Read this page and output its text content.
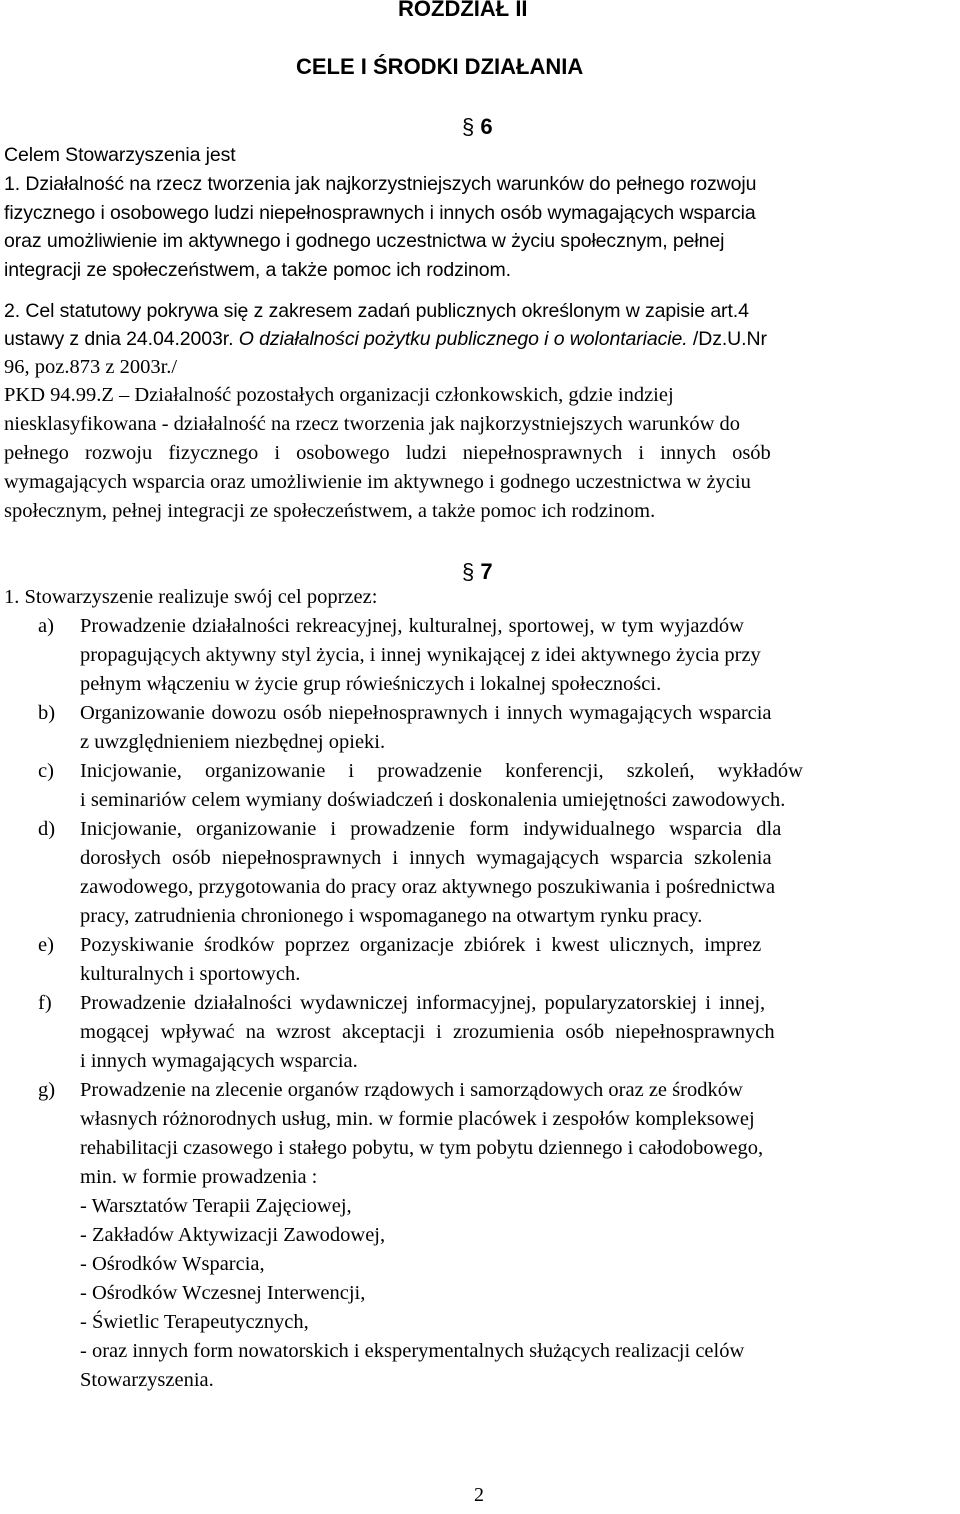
ROZDZIAŁ II
CELE I ŚRODKI DZIAŁANIA
§ 6
Celem Stowarzyszenia jest
1. Działalność na rzecz tworzenia jak najkorzystniejszych warunków do pełnego rozwoju
fizycznego i osobowego ludzi niepełnosprawnych i innych osób wymagających wsparcia
oraz umożliwienie im aktywnego i godnego uczestnictwa w życiu społecznym, pełnej
integracji ze społeczeństwem, a także pomoc ich rodzinom.
2. Cel statutowy pokrywa się z zakresem zadań publicznych określonym w zapisie art.4
ustawy z dnia 24.04.2003r. O działalności pożytku publicznego i o wolontariacie. /Dz.U.Nr
96, poz.873 z 2003r./
PKD 94.99.Z – Działalność pozostałych organizacji członkowskich, gdzie indziej
niesklasyfikowana - działalność na rzecz tworzenia jak najkorzystniejszych warunków do
pełnego rozwoju fizycznego i osobowego ludzi niepełnosprawnych i innych osób
wymagających wsparcia oraz umożliwienie im aktywnego i godnego uczestnictwa w życiu
społecznym, pełnej integracji ze społeczeństwem, a także pomoc ich rodzinom.
§ 7
1. Stowarzyszenie realizuje swój cel poprzez:
a) Prowadzenie działalności rekreacyjnej, kulturalnej, sportowej, w tym wyjazdów
propagujących aktywny styl życia, i innej wynikającej z idei aktywnego życia przy
pełnym włączeniu w życie grup rówieśniczych i lokalnej społeczności.
b) Organizowanie dowozu osób niepełnosprawnych i innych wymagających wsparcia
z uwzględnieniem niezbędnej opieki.
c) Inicjowanie, organizowanie i prowadzenie konferencji, szkoleń, wykładów
i seminariów celem wymiany doświadczeń i doskonalenia umiejętności zawodowych.
d) Inicjowanie, organizowanie i prowadzenie form indywidualnego wsparcia dla
dorosłych osób niepełnosprawnych i innych wymagających wsparcia szkolenia
zawodowego, przygotowania do pracy oraz aktywnego poszukiwania i pośrednictwa
pracy, zatrudnienia chronionego i wspomaganego na otwartym rynku pracy.
e) Pozyskiwanie środków poprzez organizacje zbiórek i kwest ulicznych, imprez
kulturalnych i sportowych.
f) Prowadzenie działalności wydawniczej informacyjnej, popularyzatorskiej i innej,
mogącej wpływać na wzrost akceptacji i zrozumienia osób niepełnosprawnych
i innych wymagających wsparcia.
g) Prowadzenie na zlecenie organów rządowych i samorządowych oraz ze środków
własnych różnorodnych usług, min. w formie placówek i zespołów kompleksowej
rehabilitacji czasowego i stałego pobytu, w tym pobytu dziennego i całodobowego,
min. w formie prowadzenia :
- Warsztatów Terapii Zajęciowej,
- Zakładów Aktywizacji Zawodowej,
- Ośrodków Wsparcia,
- Ośrodków Wczesnej Interwencji,
- Świetlic Terapeutycznych,
- oraz innych form nowatorskich i eksperymentalnych służących realizacji celów
Stowarzyszenia.
2
